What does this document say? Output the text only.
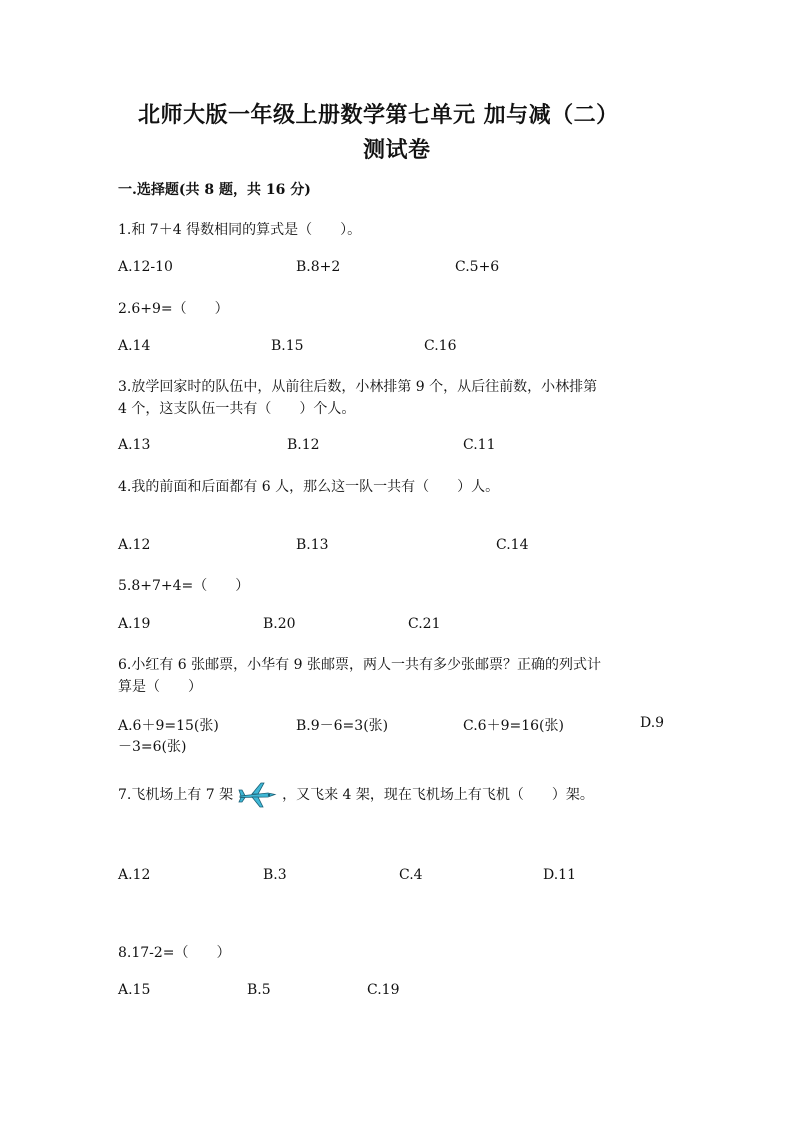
北师大版一年级上册数学第七单元 加与减（二）
测试卷
一.选择题(共 8 题，共 16 分)
1.和 7＋4 得数相同的算式是（　　）。
A.12-10	B.8+2	C.5+6
2.6+9=（　　）
A.14	B.15	C.16
3.放学回家时的队伍中，从前往后数，小林排第 9 个，从后往前数，小林排第
4 个，这支队伍一共有（　　）个人。
A.13	B.12	C.11
4.我的前面和后面都有 6 人，那么这一队一共有（　　）人。
A.12	B.13	C.14
5.8+7+4=（　　）
A.19	B.20	C.21
6.小红有 6 张邮票，小华有 9 张邮票，两人一共有多少张邮票？正确的列式计
算是（　　）
A.6＋9=15(张)	B.9－6=3(张)	C.6＋9=16(张)	D.9
－3=6(张)
7.飞机场上有 7 架	，又飞来 4 架，现在飞机场上有飞机（　　）架。
A.12	B.3	C.4	D.11
8.17-2=（　　）
A.15	B.5	C.19
